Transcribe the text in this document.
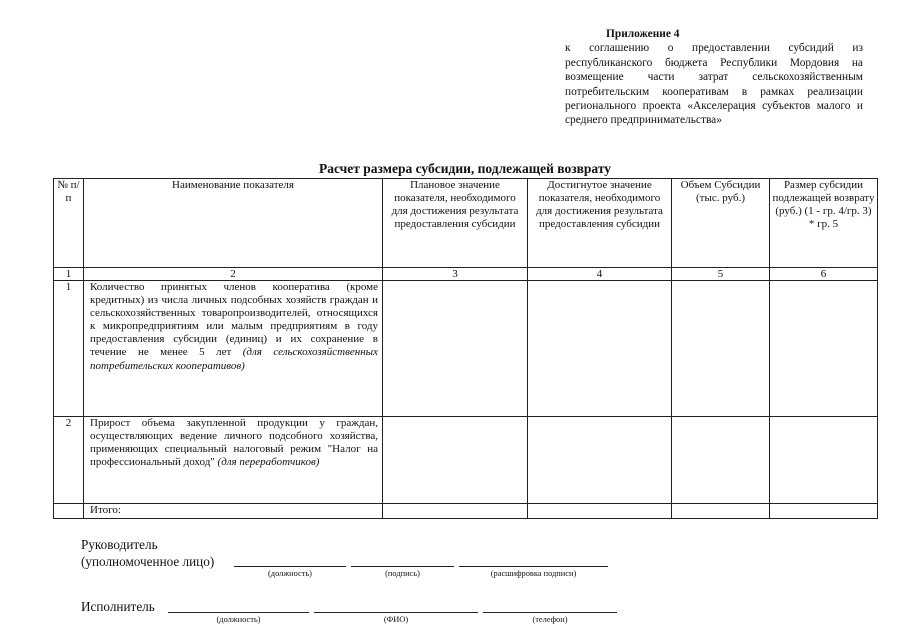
Приложение 4
к соглашению о предоставлении субсидий из республиканского бюджета Республики Мордовия на возмещение части затрат сельскохозяйственным потребительским кооперативам в рамках реализации регионального проекта «Акселерация субъектов малого и среднего предпринимательства»
Расчет размера субсидии, подлежащей возврату
№ п/п	Наименование показателя	Плановое значение показателя, необходимого для достижения результата предоставления субсидии	Достигнутое значение показателя, необходимого для достижения результата предоставления субсидии	Объем Субсидии (тыс. руб.)	Размер субсидии подлежащей возврату (руб.) (1 - гр. 4/гр. 3) * гр. 5
1	2	3	4	5	6
1	Количество принятых членов кооператива (кроме кредитных) из числа личных подсобных хозяйств граждан и сельскохозяйственных товаропроизводителей, относящихся к микропредприятиям или малым предприятиям в году предоставления субсидии (единиц) и их сохранение в течение не менее 5 лет (для сельскохозяйственных потребительских кооперативов)				
2	Прирост объема закупленной продукции у граждан, осуществляющих ведение личного подсобного хозяйства, применяющих специальный налоговый режим "Налог на профессиональный доход" (для переработчиков)				
	Итого:				
Руководитель
(уполномоченное лицо)
(должность)	(подпись)	(расшифровка подписи)
Исполнитель
(должность)	(ФИО)	(телефон)
